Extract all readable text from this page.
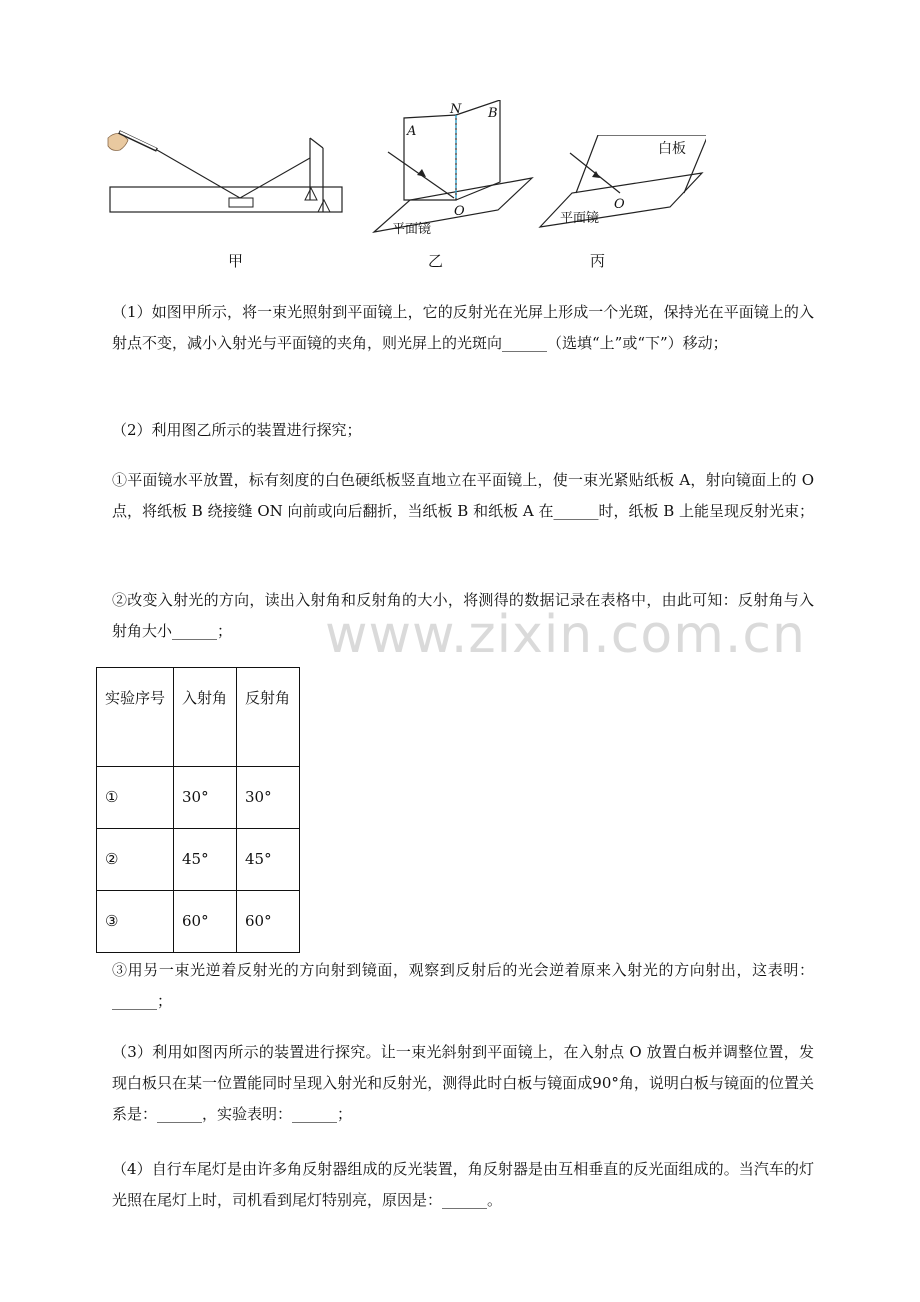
甲
A
N B
O
平面镜
乙
白板
O
平面镜
丙
（1）如图甲所示，将一束光照射到平面镜上，它的反射光在光屏上形成一个光斑，保持光在平面镜上的入射点不变，减小入射光与平面镜的夹角，则光屏上的光斑向______（选填“上”或“下”）移动；
（2）利用图乙所示的装置进行探究；
①平面镜水平放置，标有刻度的白色硬纸板竖直地立在平面镜上，使一束光紧贴纸板 A，射向镜面上的 O 点，将纸板 B 绕接缝 ON 向前或向后翻折，当纸板 B 和纸板 A 在______时，纸板 B 上能呈现反射光束；
②改变入射光的方向，读出入射角和反射角的大小，将测得的数据记录在表格中，由此可知：反射角与入射角大小______；	www.zixin.com.cn
实验序号	入射角	反射角
①	30°	30°
②	45°	45°
③	60°	60°
③用另一束光逆着反射光的方向射到镜面，观察到反射后的光会逆着原来入射光的方向射出，这表明：______；
（3）利用如图丙所示的装置进行探究。让一束光斜射到平面镜上，在入射点 O 放置白板并调整位置，发现白板只在某一位置能同时呈现入射光和反射光，测得此时白板与镜面成90°角，说明白板与镜面的位置关系是：______，实验表明：______；
（4）自行车尾灯是由许多角反射器组成的反光装置，角反射器是由互相垂直的反光面组成的。当汽车的灯光照在尾灯上时，司机看到尾灯特别亮，原因是：______。
